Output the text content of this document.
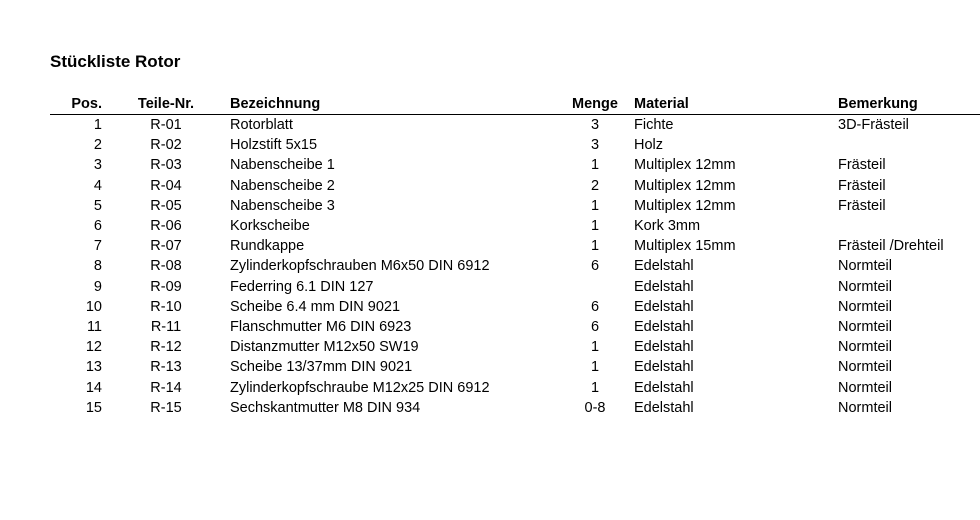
Stückliste Rotor
Pos.	Teile-Nr.	Bezeichnung	Menge	Material	Bemerkung
1	R-01	Rotorblatt	3	Fichte	3D-Frästeil
2	R-02	Holzstift 5x15	3	Holz	
3	R-03	Nabenscheibe 1	1	Multiplex 12mm	Frästeil
4	R-04	Nabenscheibe 2	2	Multiplex 12mm	Frästeil
5	R-05	Nabenscheibe 3	1	Multiplex 12mm	Frästeil
6	R-06	Korkscheibe	1	Kork 3mm	
7	R-07	Rundkappe	1	Multiplex 15mm	Frästeil /Drehteil
8	R-08	Zylinderkopfschrauben M6x50 DIN 6912	6	Edelstahl	Normteil
9	R-09	Federring 6.1 DIN 127		Edelstahl	Normteil
10	R-10	Scheibe 6.4 mm DIN 9021	6	Edelstahl	Normteil
11	R-11	Flanschmutter M6 DIN 6923	6	Edelstahl	Normteil
12	R-12	Distanzmutter M12x50 SW19	1	Edelstahl	Normteil
13	R-13	Scheibe 13/37mm DIN 9021	1	Edelstahl	Normteil
14	R-14	Zylinderkopfschraube M12x25 DIN 6912	1	Edelstahl	Normteil
15	R-15	Sechskantmutter M8 DIN 934	0-8	Edelstahl	Normteil
